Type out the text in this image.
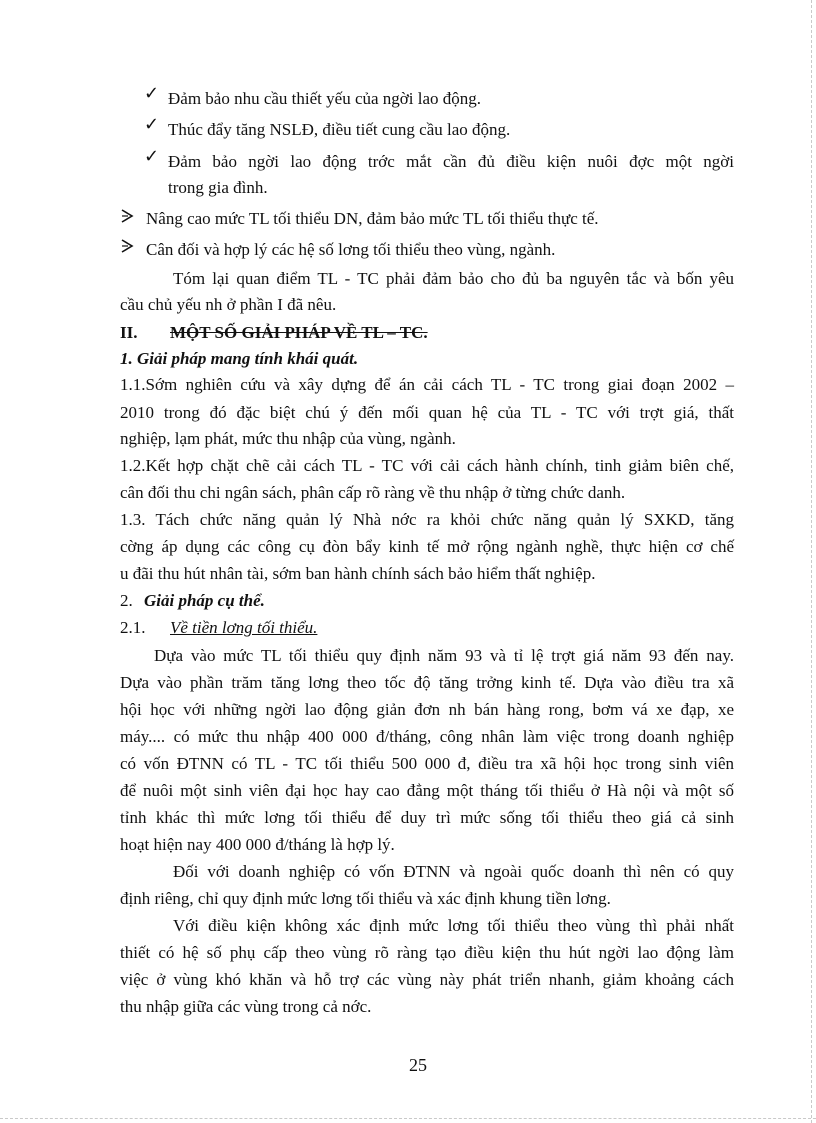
✓ Đảm bảo nhu cầu thiết yếu của ngời lao động.
✓ Thúc đẩy tăng NSLĐ, điều tiết cung cầu lao động.
✓ Đảm bảo ngời lao động trớc mắt cần đủ điều kiện nuôi đợc một ngời
trong gia đình.
Nâng cao mức TL tối thiểu DN, đảm bảo mức TL tối thiểu thực tế.
Cân đối và hợp lý các hệ số lơng tối thiểu theo vùng, ngành.
Tóm lại quan điểm TL - TC phải đảm bảo cho đủ ba nguyên tắc và bốn yêu
cầu chủ yếu nh ở phần I đã nêu.
II. MỘT SỐ GIẢI PHÁP VỀ TL – TC.
1. Giải pháp mang tính khái quát.
1.1.Sớm nghiên cứu và xây dựng để án cải cách TL - TC trong giai đoạn 2002 –
2010 trong đó đặc biệt chú ý đến mối quan hệ của TL - TC với trợt giá, thất
nghiệp, lạm phát, mức thu nhập của vùng, ngành.
1.2.Kết hợp chặt chẽ cải cách TL - TC với cải cách hành chính, tinh giảm biên chế,
cân đối thu chi ngân sách, phân cấp rõ ràng về thu nhập ở từng chức danh.
1.3. Tách chức năng quản lý Nhà nớc ra khỏi chức năng quản lý SXKD, tăng
cờng áp dụng các công cụ đòn bẩy kinh tế mở rộng ngành nghề, thực hiện cơ chế
u đãi thu hút nhân tài, sớm ban hành chính sách bảo hiểm thất nghiệp.
2. Giải pháp cụ thể.
2.1. Về tiền lơng tối thiểu.
Dựa vào mức TL tối thiểu quy định năm 93 và tỉ lệ trợt giá năm 93 đến nay.
Dựa vào phần trăm tăng lơng theo tốc độ tăng trởng kinh tế. Dựa vào điều tra xã
hội học với những ngời lao động giản đơn nh bán hàng rong, bơm vá xe đạp, xe
máy.... có mức thu nhập 400 000 đ/tháng, công nhân làm việc trong doanh nghiệp
có vốn ĐTNN có TL - TC tối thiểu 500 000 đ, điều tra xã hội học trong sinh viên
để nuôi một sinh viên đại học hay cao đẳng một tháng tối thiểu ở Hà nội và một số
tỉnh khác thì mức lơng tối thiểu để duy trì mức sống tối thiểu theo giá cả sinh
hoạt hiện nay 400 000 đ/tháng là hợp lý.
Đối với doanh nghiệp có vốn ĐTNN và ngoài quốc doanh thì nên có quy
định riêng, chỉ quy định mức lơng tối thiểu và xác định khung tiền lơng.
Với điều kiện không xác định mức lơng tối thiểu theo vùng thì phải nhất
thiết có hệ số phụ cấp theo vùng rõ ràng tạo điều kiện thu hút ngời lao động làm
việc ở vùng khó khăn và hỗ trợ các vùng này phát triển nhanh, giảm khoảng cách
thu nhập giữa các vùng trong cả nớc.
25
